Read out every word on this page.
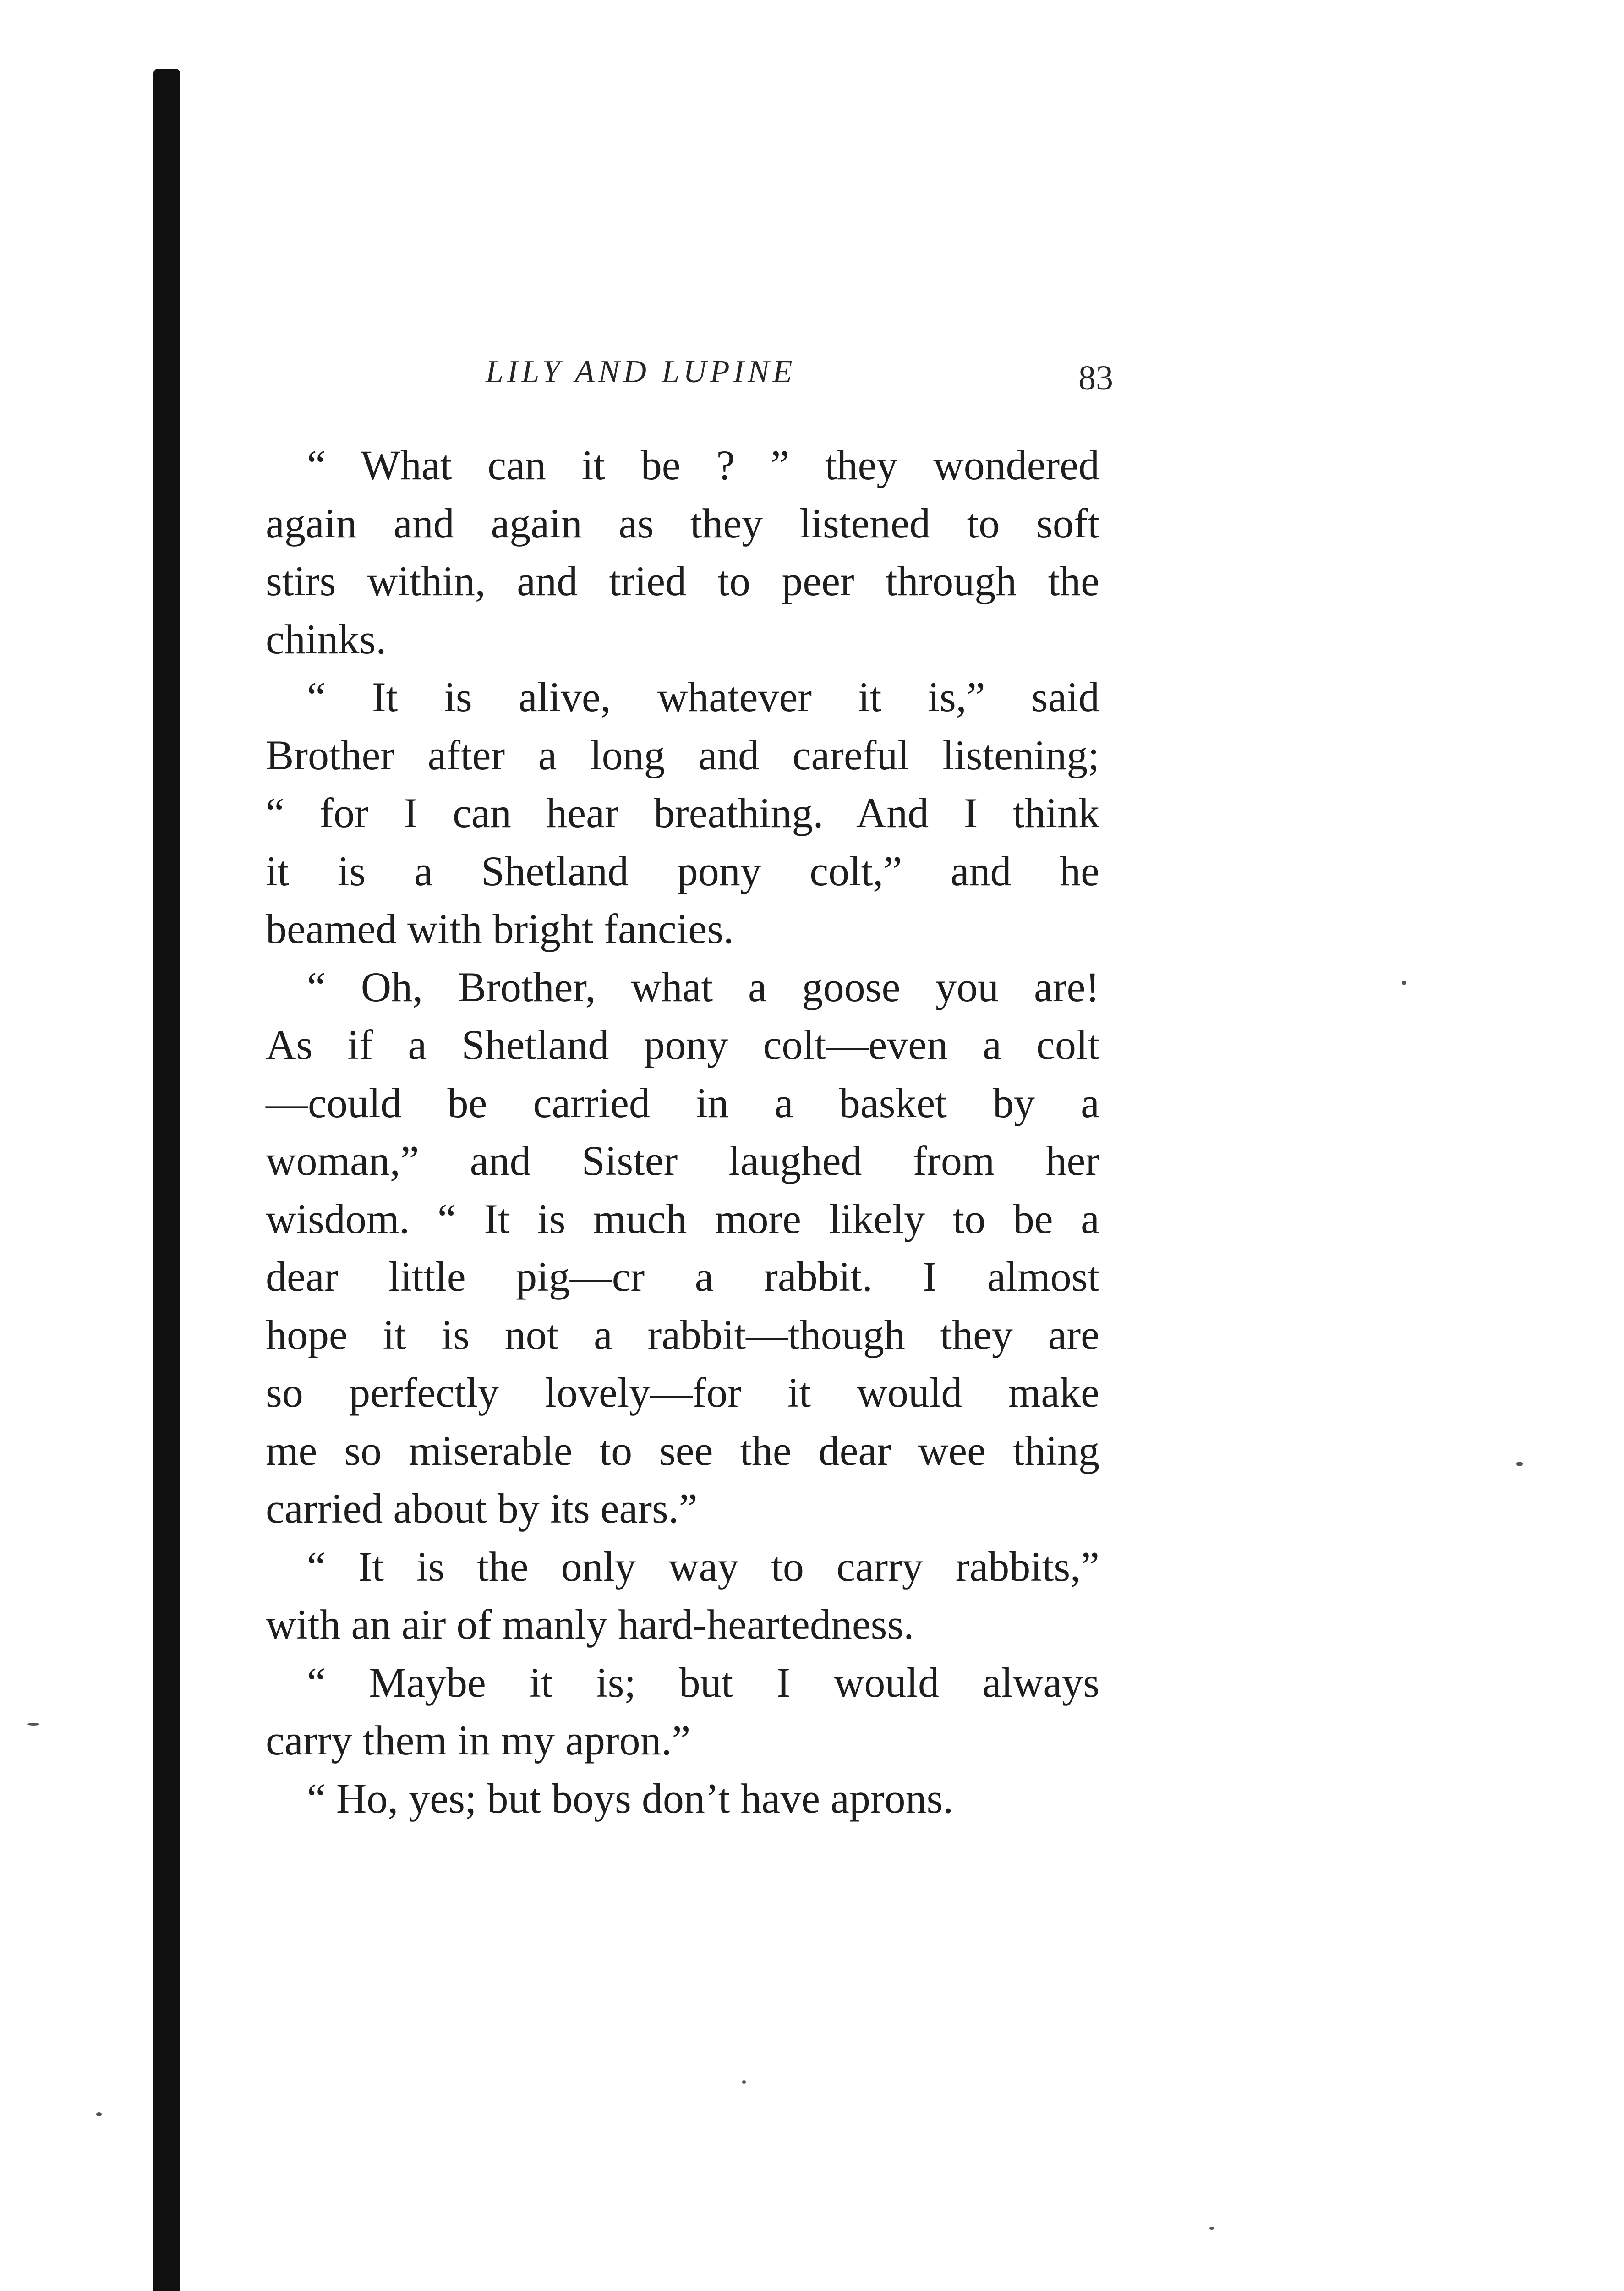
LILY AND LUPINE	83
“ What can it be ? ” they wondered
again and again as they listened to soft
stirs within, and tried to peer through the
chinks.
“ It is alive, whatever it is,” said
Brother after a long and careful listening;
“ for I can hear breathing. And I think
it is a Shetland pony colt,” and he
beamed with bright fancies.
“ Oh, Brother, what a goose you are!
As if a Shetland pony colt—even a colt
—could be carried in a basket by a
woman,” and Sister laughed from her
wisdom. “ It is much more likely to be a
dear little pig—cr a rabbit. I almost
hope it is not a rabbit—though they are
so perfectly lovely—for it would make
me so miserable to see the dear wee thing
carried about by its ears.”
“ It is the only way to carry rabbits,”
with an air of manly hard-heartedness.
“ Maybe it is; but I would always
carry them in my apron.”
“ Ho, yes; but boys don’t have aprons.
